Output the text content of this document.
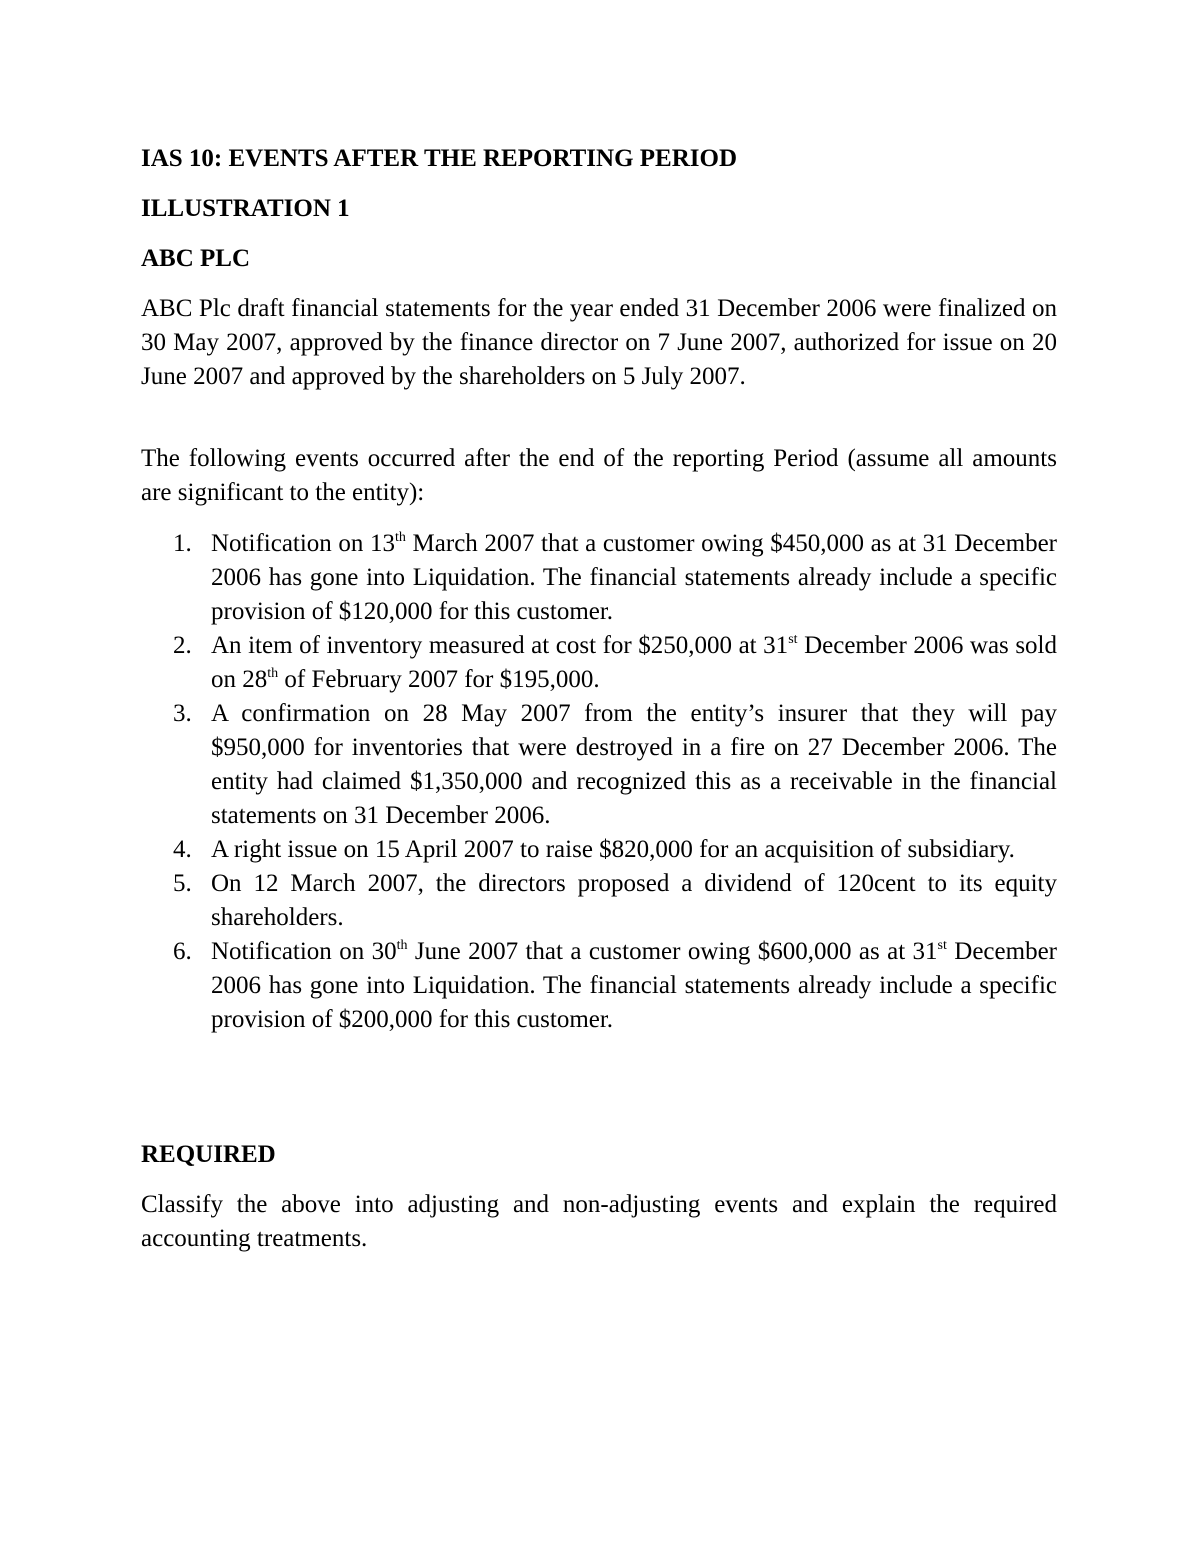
IAS 10: EVENTS AFTER THE REPORTING PERIOD

ILLUSTRATION 1

ABC PLC

ABC Plc draft financial statements for the year ended 31 December 2006 were finalized on 30 May 2007, approved by the finance director on 7 June 2007, authorized for issue on 20 June 2007 and approved by the shareholders on 5 July 2007.

The following events occurred after the end of the reporting Period (assume all amounts are significant to the entity):

1. Notification on 13th March 2007 that a customer owing $450,000 as at 31 December 2006 has gone into Liquidation. The financial statements already include a specific provision of $120,000 for this customer.
2. An item of inventory measured at cost for $250,000 at 31st December 2006 was sold on 28th of February 2007 for $195,000.
3. A confirmation on 28 May 2007 from the entity’s insurer that they will pay $950,000 for inventories that were destroyed in a fire on 27 December 2006. The entity had claimed $1,350,000 and recognized this as a receivable in the financial statements on 31 December 2006.
4. A right issue on 15 April 2007 to raise $820,000 for an acquisition of subsidiary.
5. On 12 March 2007, the directors proposed a dividend of 120cent to its equity shareholders.
6. Notification on 30th June 2007 that a customer owing $600,000 as at 31st December 2006 has gone into Liquidation. The financial statements already include a specific provision of $200,000 for this customer.

REQUIRED

Classify the above into adjusting and non-adjusting events and explain the required accounting treatments.
